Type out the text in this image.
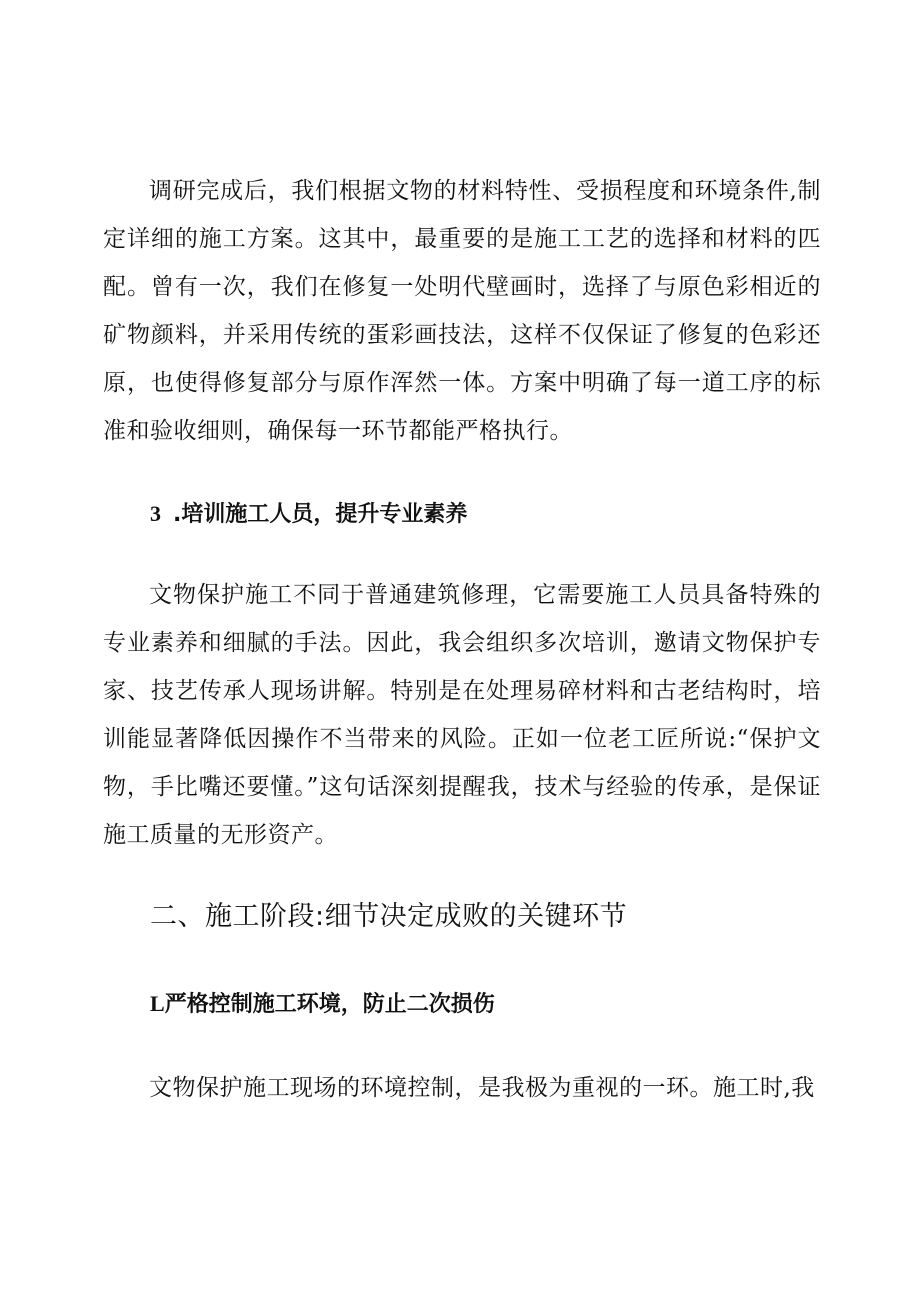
调研完成后，我们根据文物的材料特性、受损程度和环境条件,制定详细的施工方案。这其中，最重要的是施工工艺的选择和材料的匹配。曾有一次，我们在修复一处明代壁画时，选择了与原色彩相近的矿物颜料，并采用传统的蛋彩画技法，这样不仅保证了修复的色彩还原，也使得修复部分与原作浑然一体。方案中明确了每一道工序的标准和验收细则，确保每一环节都能严格执行。

3 .培训施工人员，提升专业素养

文物保护施工不同于普通建筑修理，它需要施工人员具备特殊的专业素养和细腻的手法。因此，我会组织多次培训，邀请文物保护专家、技艺传承人现场讲解。特别是在处理易碎材料和古老结构时，培训能显著降低因操作不当带来的风险。正如一位老工匠所说:“保护文物，手比嘴还要懂。”这句话深刻提醒我，技术与经验的传承，是保证施工质量的无形资产。

二、施工阶段:细节决定成败的关键环节
L严格控制施工环境，防止二次损伤

文物保护施工现场的环境控制，是我极为重视的一环。施工时,我
